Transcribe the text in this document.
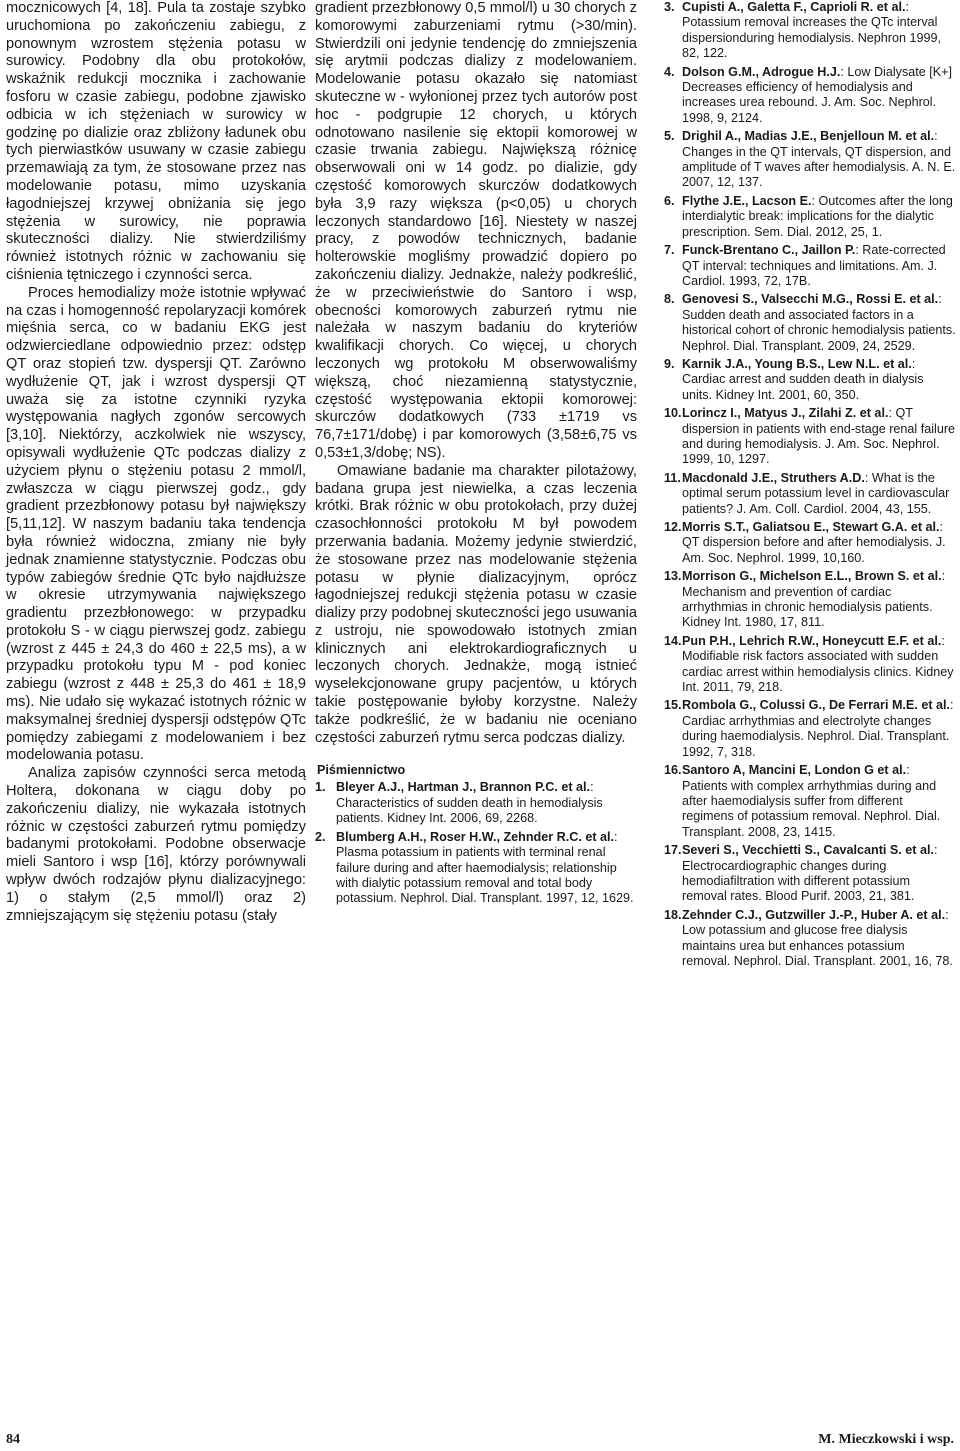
mocznicowych [4, 18]. Pula ta zostaje szybko uruchomiona po zakończeniu zabiegu, z ponownym wzrostem stężenia potasu w surowicy. Podobny dla obu protokołów, wskaźnik redukcji mocznika i zachowanie fosforu w czasie zabiegu, podobne zjawisko odbicia w ich stężeniach w surowicy w godzinę po dializie oraz zbliżony ładunek obu tych pierwiastków usuwany w czasie zabiegu przemawiają za tym, że stosowane przez nas modelowanie potasu, mimo uzyskania łagodniejszej krzywej obniżania się jego stężenia w surowicy, nie poprawia skuteczności dializy. Nie stwierdziliśmy również istotnych różnic w zachowaniu się ciśnienia tętniczego i czynności serca.

Proces hemodializy może istotnie wpływać na czas i homogenność repolaryzacji komórek mięśnia serca, co w badaniu EKG jest odzwierciedlane odpowiednio przez: odstęp QT oraz stopień tzw. dyspersji QT. Zarówno wydłużenie QT, jak i wzrost dyspersji QT uważa się za istotne czynniki ryzyka występowania nagłych zgonów sercowych [3,10]. Niektórzy, aczkolwiek nie wszyscy, opisywali wydłużenie QTc podczas dializy z użyciem płynu o stężeniu potasu 2 mmol/l, zwłaszcza w ciągu pierwszej godz., gdy gradient przezbłonowy potasu był największy [5,11,12]. W naszym badaniu taka tendencja była również widoczna, zmiany nie były jednak znamienne statystycznie. Podczas obu typów zabiegów średnie QTc było najdłuższe w okresie utrzymywania największego gradientu przezbłonowego: w przypadku protokołu S - w ciągu pierwszej godz. zabiegu (wzrost z 445 ± 24,3 do 460 ± 22,5 ms), a w przypadku protokołu typu M - pod koniec zabiegu (wzrost z 448 ± 25,3 do 461 ± 18,9 ms). Nie udało się wykazać istotnych różnic w maksymalnej średniej dyspersji odstępów QTc pomiędzy zabiegami z modelowaniem i bez modelowania potasu.

Analiza zapisów czynności serca metodą Holtera, dokonana w ciągu doby po zakończeniu dializy, nie wykazała istotnych różnic w częstości zaburzeń rytmu pomiędzy badanymi protokołami. Podobne obserwacje mieli Santoro i wsp [16], którzy porównywali wpływ dwóch rodzajów płynu dializacyjnego: 1) o stałym (2,5 mmol/l) oraz 2) zmniejszającym się stężeniu potasu (stały

gradient przezbłonowy 0,5 mmol/l) u 30 chorych z komorowymi zaburzeniami rytmu (>30/min). Stwierdzili oni jedynie tendencję do zmniejszenia się arytmii podczas dializy z modelowaniem. Modelowanie potasu okazało się natomiast skuteczne w - wyłonionej przez tych autorów post hoc - podgrupie 12 chorych, u których odnotowano nasilenie się ektopii komorowej w czasie trwania zabiegu. Największą różnicę obserwowali oni w 14 godz. po dializie, gdy częstość komorowych skurczów dodatkowych była 3,9 razy większa (p<0,05) u chorych leczonych standardowo [16]. Niestety w naszej pracy, z powodów technicznych, badanie holterowskie mogliśmy prowadzić dopiero po zakończeniu dializy. Jednakże, należy podkreślić, że w przeciwieństwie do Santoro i wsp, obecności komorowych zaburzeń rytmu nie należała w naszym badaniu do kryteriów kwalifikacji chorych. Co więcej, u chorych leczonych wg protokołu M obserwowaliśmy większą, choć niezamienną statystycznie, częstość występowania ektopii komorowej: skurczów dodatkowych (733 ±1719 vs 76,7±171/dobę) i par komorowych (3,58±6,75 vs 0,53±1,3/dobę; NS).

Omawiane badanie ma charakter pilotażowy, badana grupa jest niewielka, a czas leczenia krótki. Brak różnic w obu protokołach, przy dużej czasochłonności protokołu M był powodem przerwania badania. Możemy jedynie stwierdzić, że stosowane przez nas modelowanie stężenia potasu w płynie dializacyjnym, oprócz łagodniejszej redukcji stężenia potasu w czasie dializy przy podobnej skuteczności jego usuwania z ustroju, nie spowodowało istotnych zmian klinicznych ani elektrokardiograficznych u leczonych chorych. Jednakże, mogą istnieć wyselekcjonowane grupy pacjentów, u których takie postępowanie byłoby korzystne. Należy także podkreślić, że w badaniu nie oceniano częstości zaburzeń rytmu serca podczas dializy.

Piśmiennictwo
1. Bleyer A.J., Hartman J., Brannon P.C. et al.: Characteristics of sudden death in hemodialysis patients. Kidney Int. 2006, 69, 2268.
2. Blumberg A.H., Roser H.W., Zehnder R.C. et al.: Plasma potassium in patients with terminal renal failure during and after haemodialysis; relationship with dialytic potassium removal and total body potassium. Nephrol. Dial. Transplant. 1997, 12, 1629.
3. Cupisti A., Galetta F., Caprioli R. et al.: Potassium removal increases the QTc interval dispersionduring hemodialysis. Nephron 1999, 82, 122.
4. Dolson G.M., Adrogue H.J.: Low Dialysate [K+] Decreases efficiency of hemodialysis and increases urea rebound. J. Am. Soc. Nephrol. 1998, 9, 2124.
5. Drighil A., Madias J.E., Benjelloun M. et al.: Changes in the QT intervals, QT dispersion, and amplitude of T waves after hemodialysis. A. N. E. 2007, 12, 137.
6. Flythe J.E., Lacson E.: Outcomes after the long interdialytic break: implications for the dialytic prescription. Sem. Dial. 2012, 25, 1.
7. Funck-Brentano C., Jaillon P.: Rate-corrected QT interval: techniques and limitations. Am. J. Cardiol. 1993, 72, 17B.
8. Genovesi S., Valsecchi M.G., Rossi E. et al.: Sudden death and associated factors in a historical cohort of chronic hemodialysis patients. Nephrol. Dial. Transplant. 2009, 24, 2529.
9. Karnik J.A., Young B.S., Lew N.L. et al.: Cardiac arrest and sudden death in dialysis units. Kidney Int. 2001, 60, 350.
10. Lorincz I., Matyus J., Zilahi Z. et al.: QT dispersion in patients with end-stage renal failure and during hemodialysis. J. Am. Soc. Nephrol. 1999, 10, 1297.
11. Macdonald J.E., Struthers A.D.: What is the optimal serum potassium level in cardiovascular patients? J. Am. Coll. Cardiol. 2004, 43, 155.
12. Morris S.T., Galiatsou E., Stewart G.A. et al.: QT dispersion before and after hemodialysis. J. Am. Soc. Nephrol. 1999, 10,160.
13. Morrison G., Michelson E.L., Brown S. et al.: Mechanism and prevention of cardiac arrhythmias in chronic hemodialysis patients. Kidney Int. 1980, 17, 811.
14. Pun P.H., Lehrich R.W., Honeycutt E.F. et al.: Modifiable risk factors associated with sudden cardiac arrest within hemodialysis clinics. Kidney Int. 2011, 79, 218.
15. Rombola G., Colussi G., De Ferrari M.E. et al.: Cardiac arrhythmias and electrolyte changes during haemodialysis. Nephrol. Dial. Transplant. 1992, 7, 318.
16. Santoro A, Mancini E, London G et al.: Patients with complex arrhythmias during and after haemodialysis suffer from different regimens of potassium removal. Nephrol. Dial. Transplant. 2008, 23, 1415.
17. Severi S., Vecchietti S., Cavalcanti S. et al.: Electrocardiographic changes during hemodiafiltration with different potassium removal rates. Blood Purif. 2003, 21, 381.
18. Zehnder C.J., Gutzwiller J.-P., Huber A. et al.: Low potassium and glucose free dialysis maintains urea but enhances potassium removal. Nephrol. Dial. Transplant. 2001, 16, 78.
84	M. Mieczkowski i wsp.
